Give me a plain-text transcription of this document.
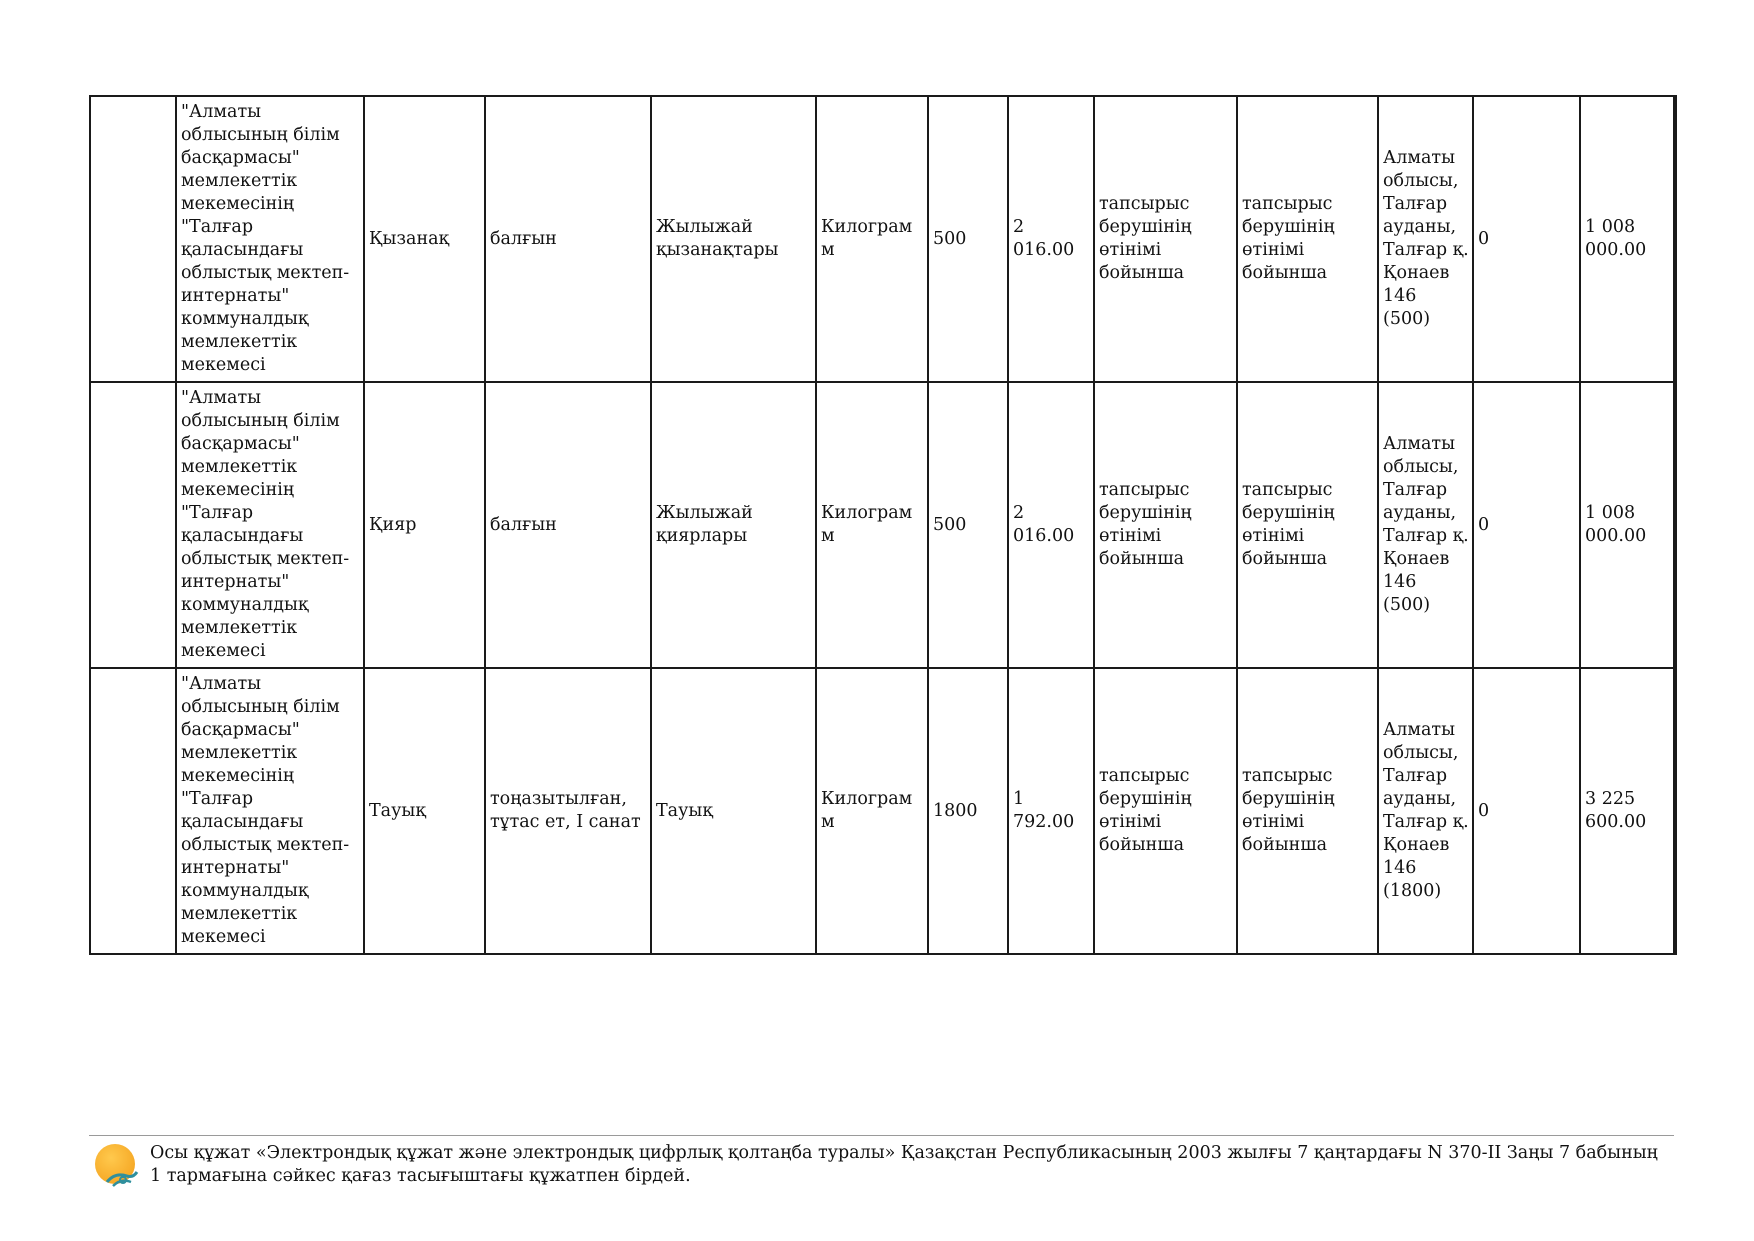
	"Алматы облысының білім басқармасы" мемлекеттік мекемесінің "Талғар қаласындағы облыстық мектеп-интернаты" коммуналдық мемлекеттік мекемесі	Қызанақ	балғын	Жылыжай қызанақтары	Килограмм	500	2 016.00	тапсырыс берушінің өтінімі бойынша	тапсырыс берушінің өтінімі бойынша	Алматы облысы, Талғар ауданы, Талғар қ. Қонаев 146 (500)	0	1 008 000.00
	"Алматы облысының білім басқармасы" мемлекеттік мекемесінің "Талғар қаласындағы облыстық мектеп-интернаты" коммуналдық мемлекеттік мекемесі	Қияр	балғын	Жылыжай қиярлары	Килограмм	500	2 016.00	тапсырыс берушінің өтінімі бойынша	тапсырыс берушінің өтінімі бойынша	Алматы облысы, Талғар ауданы, Талғар қ. Қонаев 146 (500)	0	1 008 000.00
	"Алматы облысының білім басқармасы" мемлекеттік мекемесінің "Талғар қаласындағы облыстық мектеп-интернаты" коммуналдық мемлекеттік мекемесі	Тауық	тоңазытылған, тұтас ет, I санат	Тауық	Килограмм	1800	1 792.00	тапсырыс берушінің өтінімі бойынша	тапсырыс берушінің өтінімі бойынша	Алматы облысы, Талғар ауданы, Талғар қ. Қонаев 146 (1800)	0	3 225 600.00
Осы құжат «Электрондық құжат және электрондық цифрлық қолтаңба туралы» Қазақстан Республикасының 2003 жылғы 7 қаңтардағы N 370-II Заңы 7 бабының 1 тармағына сәйкес қағаз тасығыштағы құжатпен бірдей.
